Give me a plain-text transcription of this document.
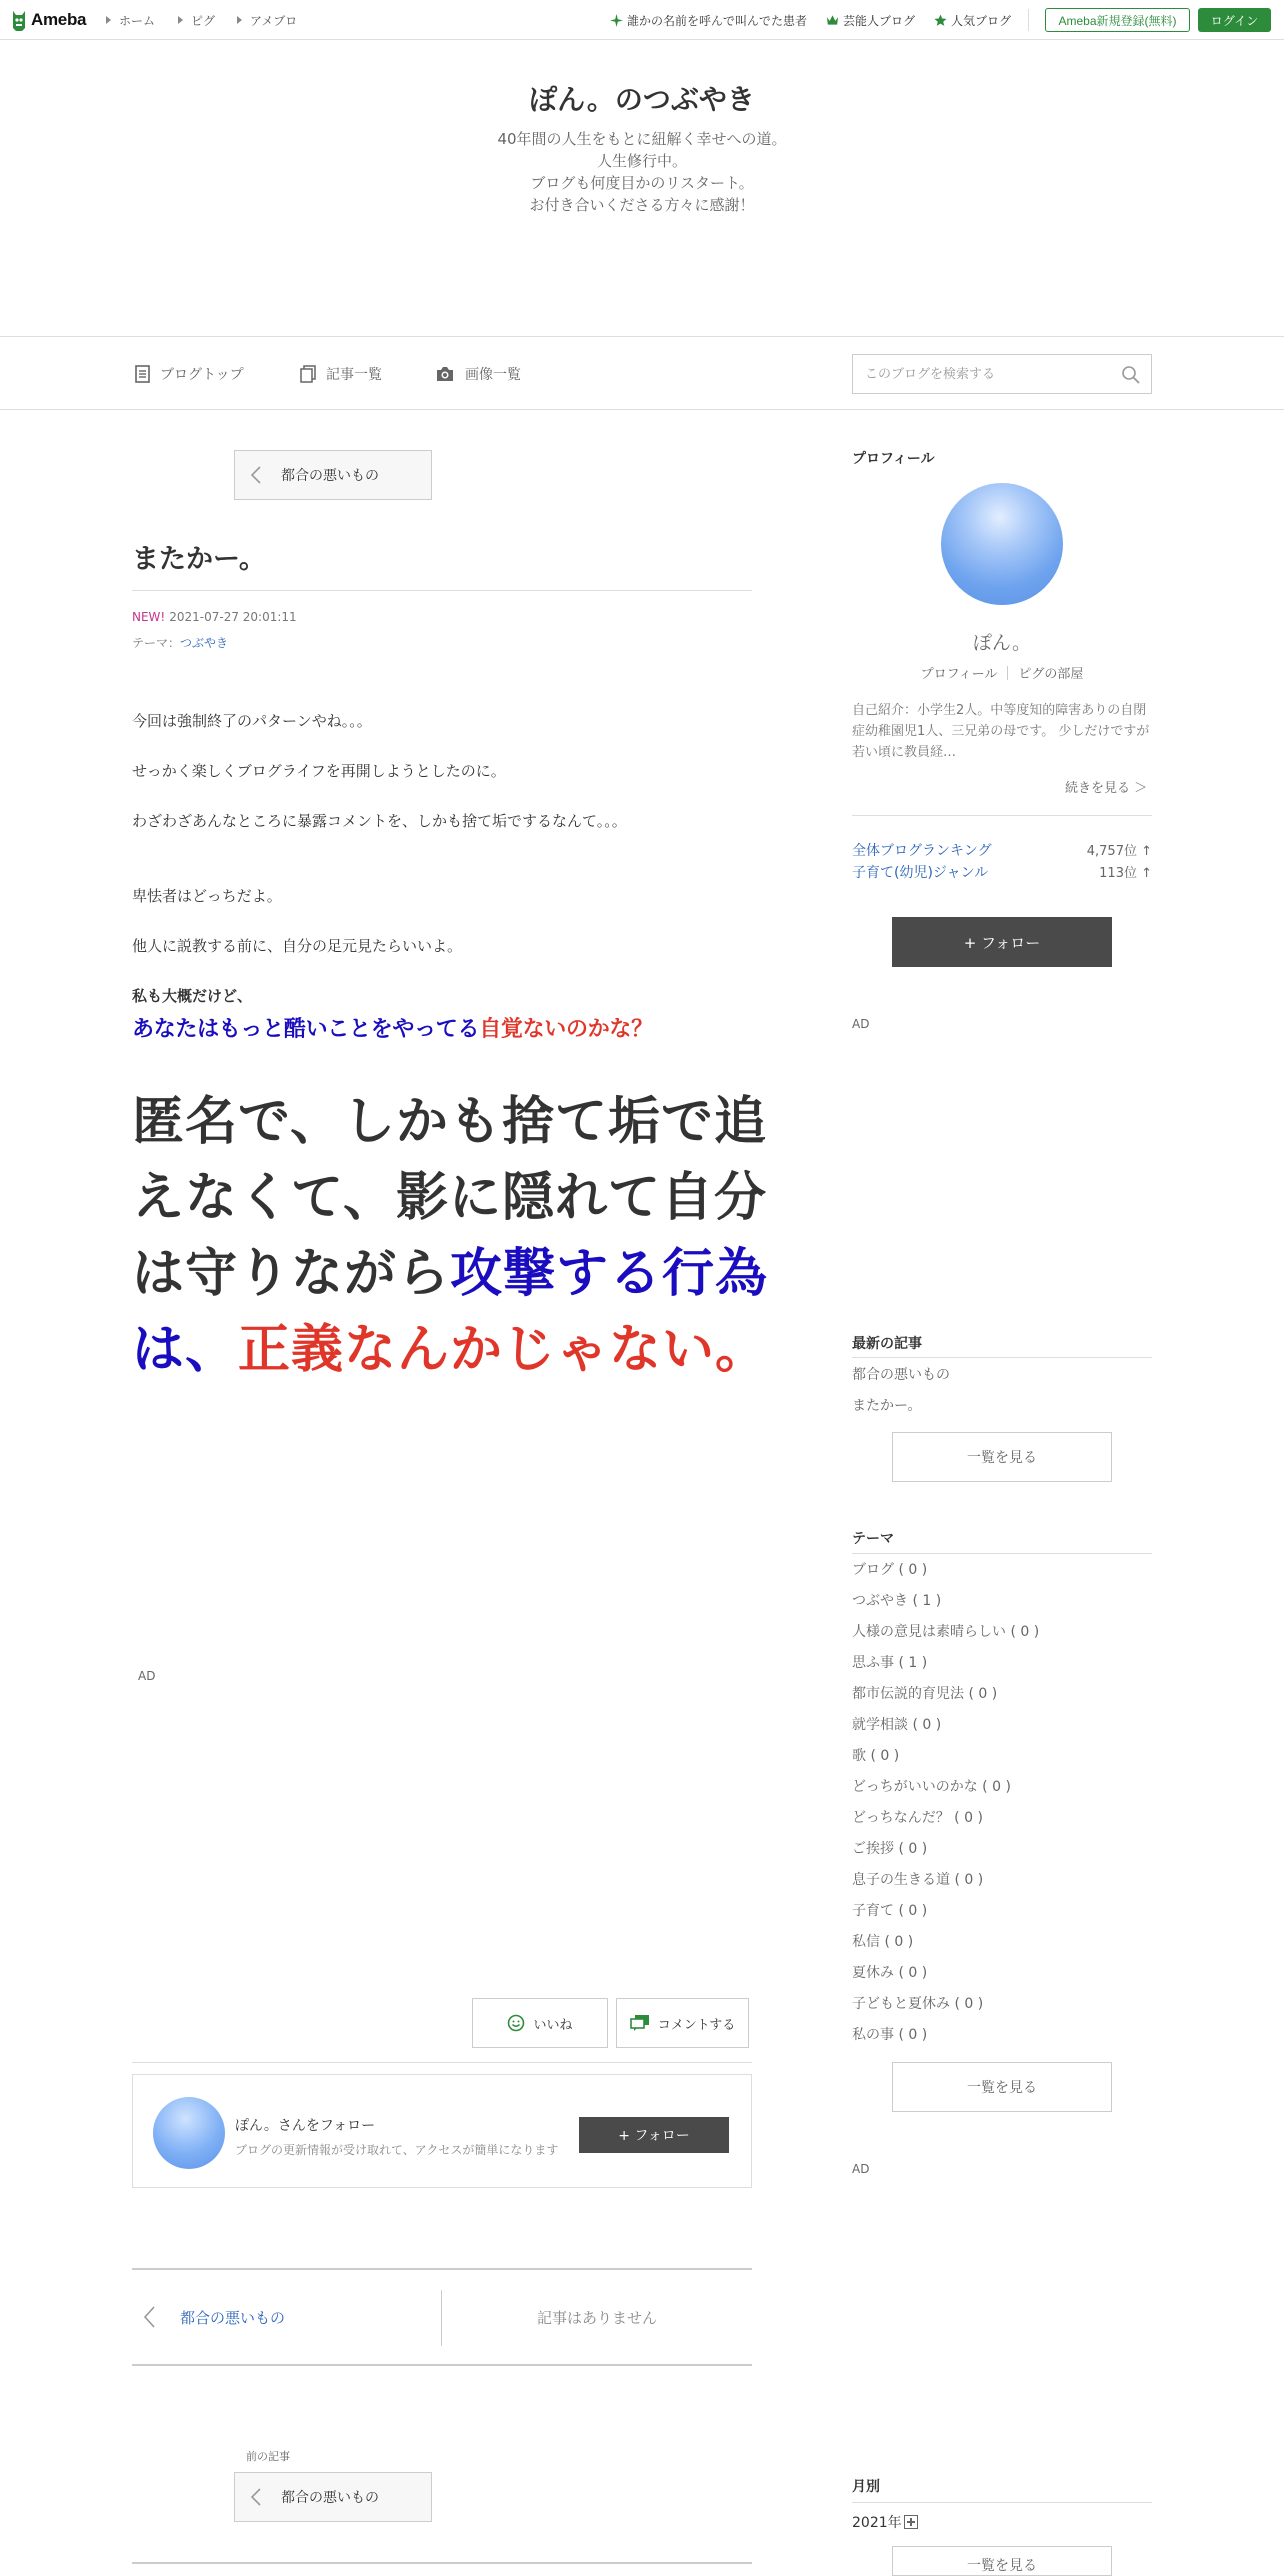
Ameba	ホーム	ピグ	アメブロ	誰かの名前を呼んで叫んでた患者	芸能人ブログ	人気ブログ	Ameba新規登録(無料)	ログイン
ぽん。のつぶやき
40年間の人生をもとに紐解く幸せへの道。
人生修行中。
ブログも何度目かのリスタート。
お付き合いくださる方々に感謝！
ブログトップ	記事一覧	画像一覧
このブログを検索する
都合の悪いもの
またかー。
NEW! 2021-07-27 20:01:11
テーマ：つぶやき
今回は強制終了のパターンやね。。。
せっかく楽しくブログライフを再開しようとしたのに。
わざわざあんなところに暴露コメントを、しかも捨て垢でするなんて。。。
卑怯者はどっちだよ。
他人に説教する前に、自分の足元見たらいいよ。
私も大概だけど、
あなたはもっと酷いことをやってる自覚ないのかな？
匿名で、しかも捨て垢で追えなくて、影に隠れて自分は守りながら攻撃する行為は、正義なんかじゃない。
AD
いいね	コメントする
ぽん。さんをフォロー
ブログの更新情報が受け取れて、アクセスが簡単になります
+ フォロー
都合の悪いもの	記事はありません
前の記事
都合の悪いもの
プロフィール
ぽん。
プロフィール ピグの部屋
自己紹介：小学生2人。中等度知的障害ありの自閉症幼稚園児1人、三兄弟の母です。 少しだけですが若い頃に教員経…
続きを見る ＞
全体ブログランキング	4,757位 ↑
子育て(幼児)ジャンル	113位 ↑
+ フォロー
AD
最新の記事
都合の悪いもの
またかー。
一覧を見る
テーマ
ブログ ( 0 )
つぶやき ( 1 )
人様の意見は素晴らしい ( 0 )
思ふ事 ( 1 )
都市伝説的育児法 ( 0 )
就学相談 ( 0 )
歌 ( 0 )
どっちがいいのかな ( 0 )
どっちなんだ？ ( 0 )
ご挨拶 ( 0 )
息子の生きる道 ( 0 )
子育て ( 0 )
私信 ( 0 )
夏休み ( 0 )
子どもと夏休み ( 0 )
私の事 ( 0 )
一覧を見る
AD
月別
2021年
一覧を見る
